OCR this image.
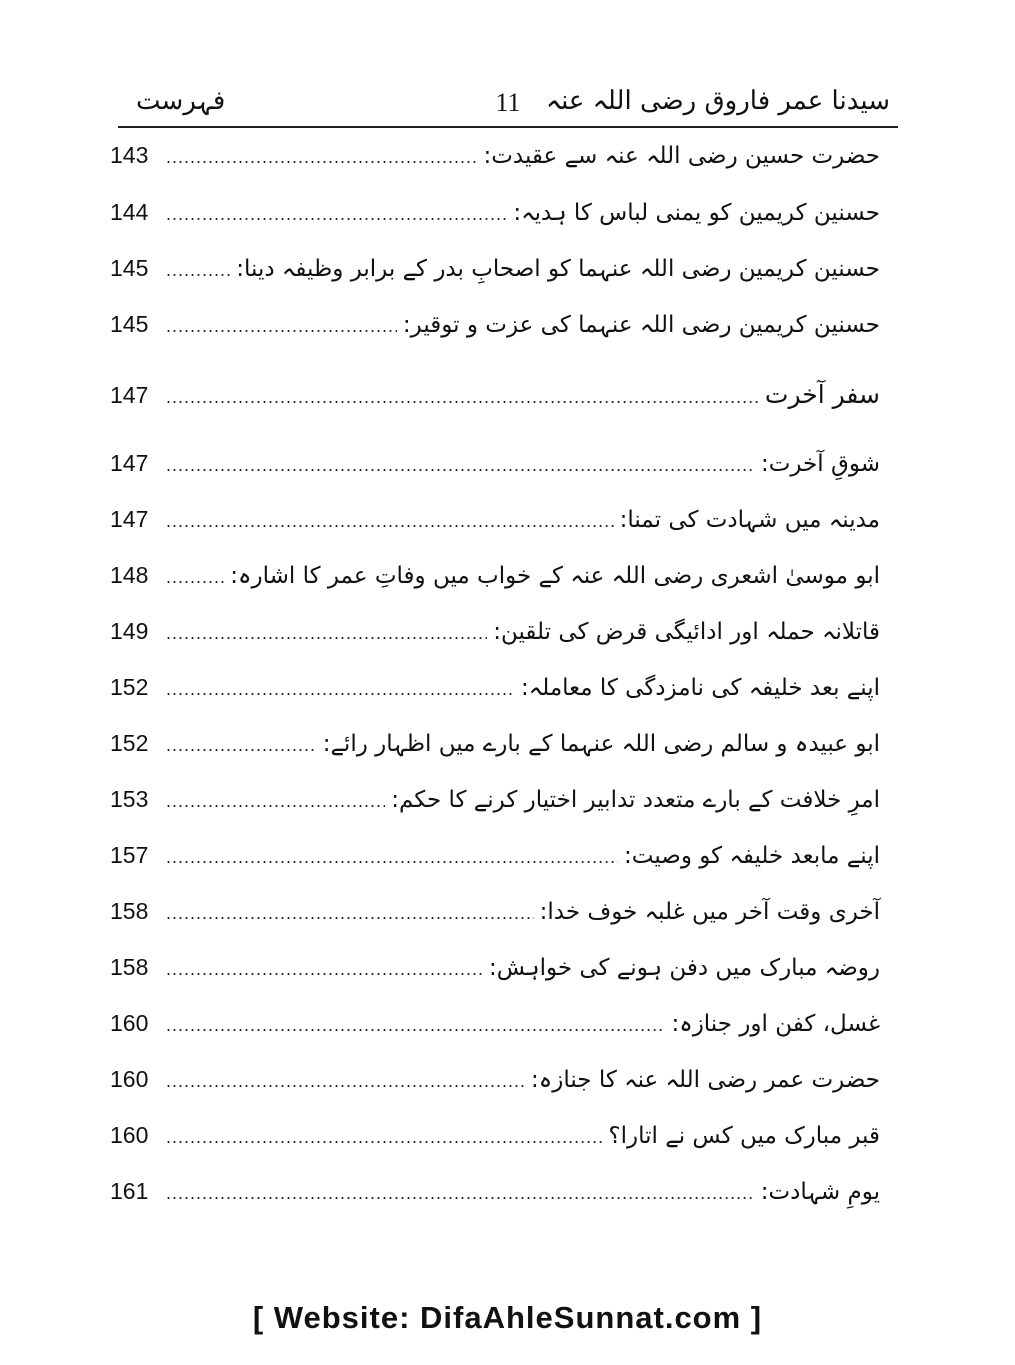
سیدنا عمر فاروق رضی اللہ عنہ
11
فہرست
143 .....	حضرت حسین رضی اللہ عنہ سے عقیدت:
144 .....	حسنین کریمین کو یمنی لباس کا ہدیہ:
145 .....	حسنین کریمین رضی اللہ عنہما کو اصحابِ بدر کے برابر وظیفہ دینا:
145 .....	حسنین کریمین رضی اللہ عنہما کی عزت و توقیر:
147 .....	سفر آخرت
147 .....	شوقِ آخرت:
147 .....	مدینہ میں شہادت کی تمنا:
148 .....	ابو موسیٰ اشعری رضی اللہ عنہ کے خواب میں وفاتِ عمر کا اشارہ:
149 .....	قاتلانہ حملہ اور ادائیگی قرض کی تلقین:
152 .....	اپنے بعد خلیفہ کی نامزدگی کا معاملہ:
152 .....	ابو عبیدہ و سالم رضی اللہ عنہما کے بارے میں اظہار رائے:
153 .....	امرِ خلافت کے بارے متعدد تدابیر اختیار کرنے کا حکم:
157 .....	اپنے مابعد خلیفہ کو وصیت:
158 .....	آخری وقت آخر میں غلبہ خوف خدا:
158 .....	روضہ مبارک میں دفن ہونے کی خواہش:
160 .....	غسل، کفن اور جنازہ:
160 .....	حضرت عمر رضی اللہ عنہ کا جنازہ:
160 .....	قبر مبارک میں کس نے اتارا؟
161 .....	یومِ شہادت:
[ Website: DifaAhleSunnat.com ]
